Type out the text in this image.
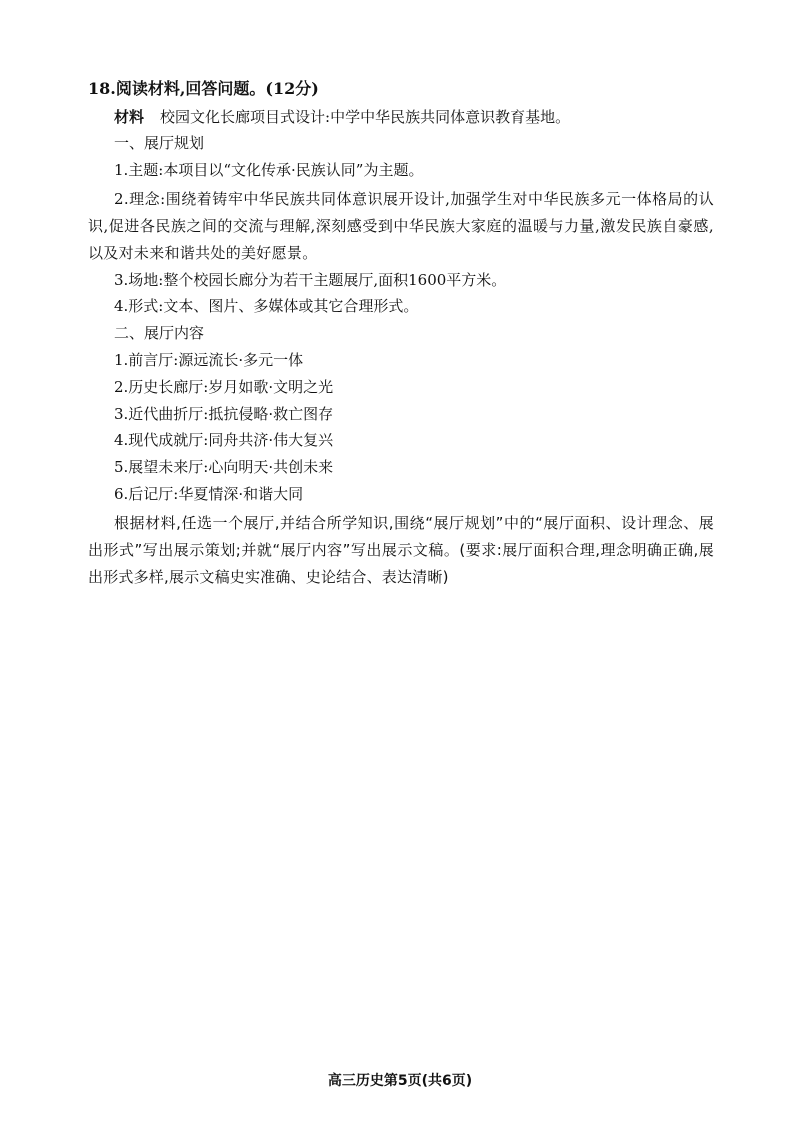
18.阅读材料,回答问题。(12分)
材料 校园文化长廊项目式设计:中学中华民族共同体意识教育基地。
一、展厅规划
1.主题:本项目以“文化传承·民族认同”为主题。
2.理念:围绕着铸牢中华民族共同体意识展开设计,加强学生对中华民族多元一体格局的认识,促进各民族之间的交流与理解,深刻感受到中华民族大家庭的温暖与力量,激发民族自豪感,以及对未来和谐共处的美好愿景。
3.场地:整个校园长廊分为若干主题展厅,面积1600平方米。
4.形式:文本、图片、多媒体或其它合理形式。
二、展厅内容
1.前言厅:源远流长·多元一体
2.历史长廊厅:岁月如歌·文明之光
3.近代曲折厅:抵抗侵略·救亡图存
4.现代成就厅:同舟共济·伟大复兴
5.展望未来厅:心向明天·共创未来
6.后记厅:华夏情深·和谐大同
根据材料,任选一个展厅,并结合所学知识,围绕“展厅规划”中的“展厅面积、设计理念、展出形式”写出展示策划;并就“展厅内容”写出展示文稿。(要求:展厅面积合理,理念明确正确,展出形式多样,展示文稿史实准确、史论结合、表达清晰)
高三历史第5页(共6页)
